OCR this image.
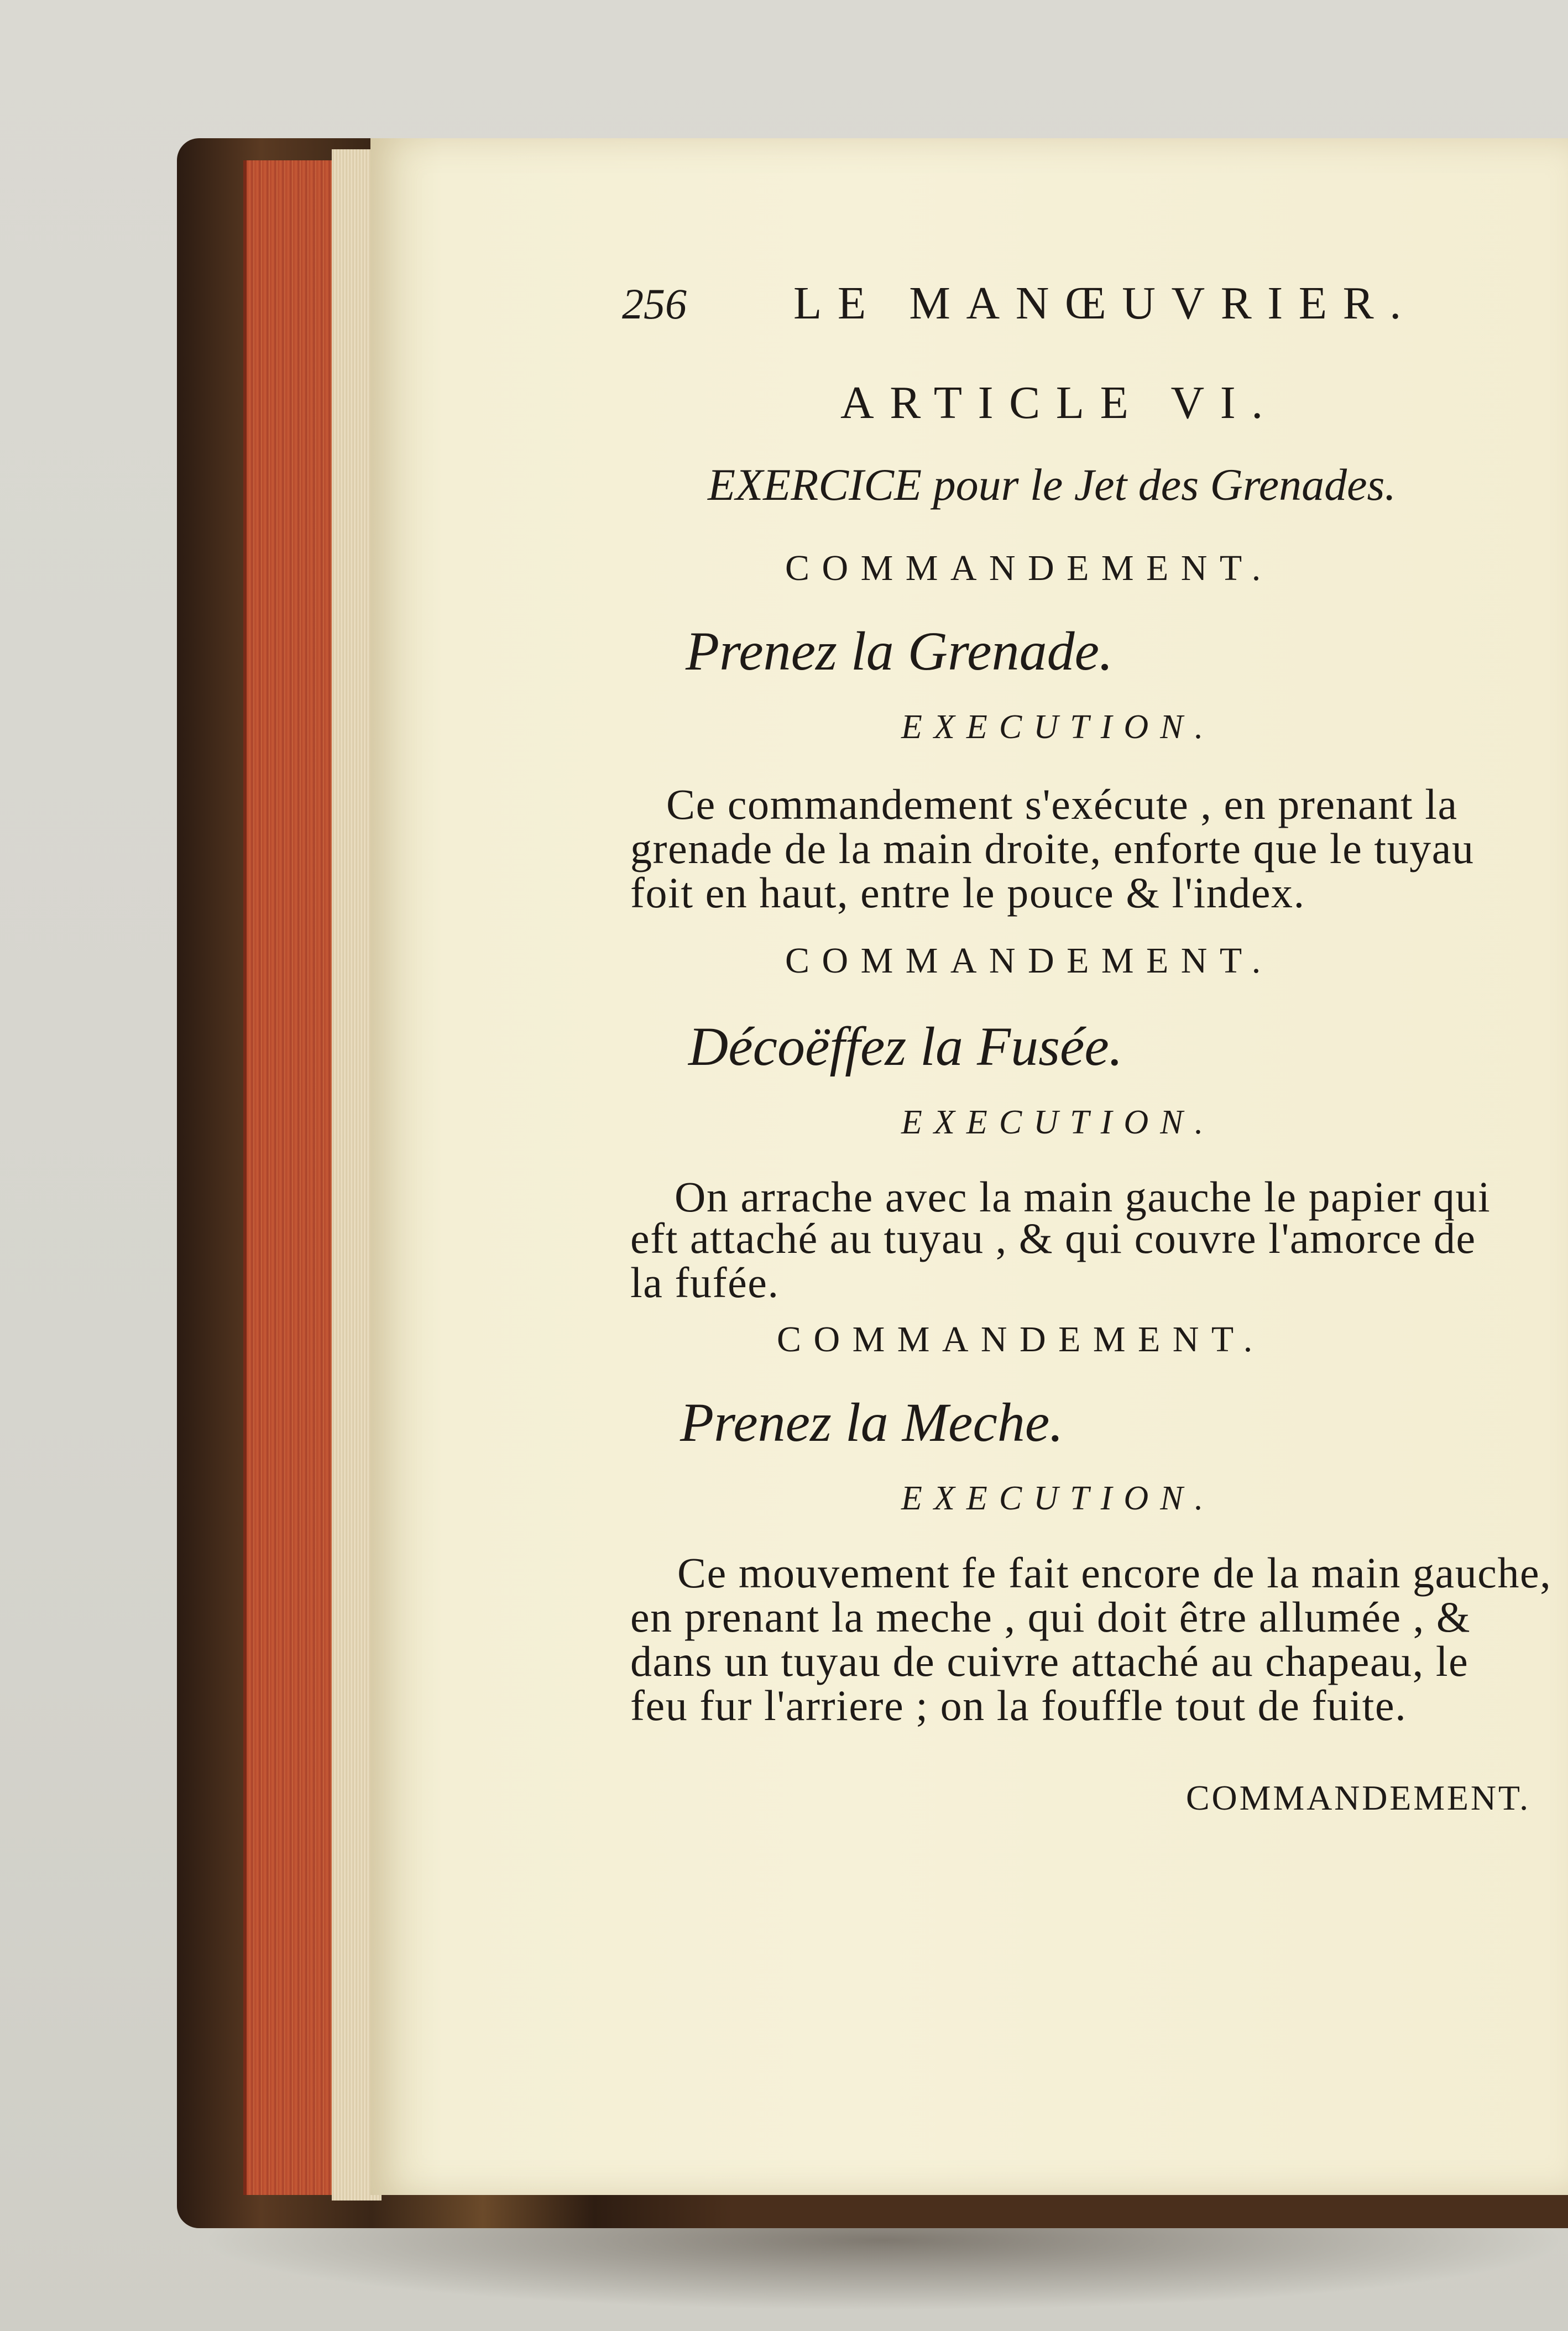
256 LE MANŒUVRIER.
ARTICLE VI.
EXERCICE pour le Jet des Grenades.
COMMANDEMENT.
Prenez la Grenade.
EXECUTION.
Ce commandement s'exécute , en prenant la
grenade de la main droite, enforte que le tuyau
foit en haut, entre le pouce & l'index.
COMMANDEMENT.
Décoëffez la Fusée.
EXECUTION.
On arrache avec la main gauche le papier qui
eft attaché au tuyau , & qui couvre l'amorce de
la fufée.
COMMANDEMENT.
Prenez la Meche.
EXECUTION.
Ce mouvement fe fait encore de la main gauche,
en prenant la meche , qui doit être allumée , &
dans un tuyau de cuivre attaché au chapeau, le
feu fur l'arriere ; on la fouffle tout de fuite.
COMMANDEMENT.
